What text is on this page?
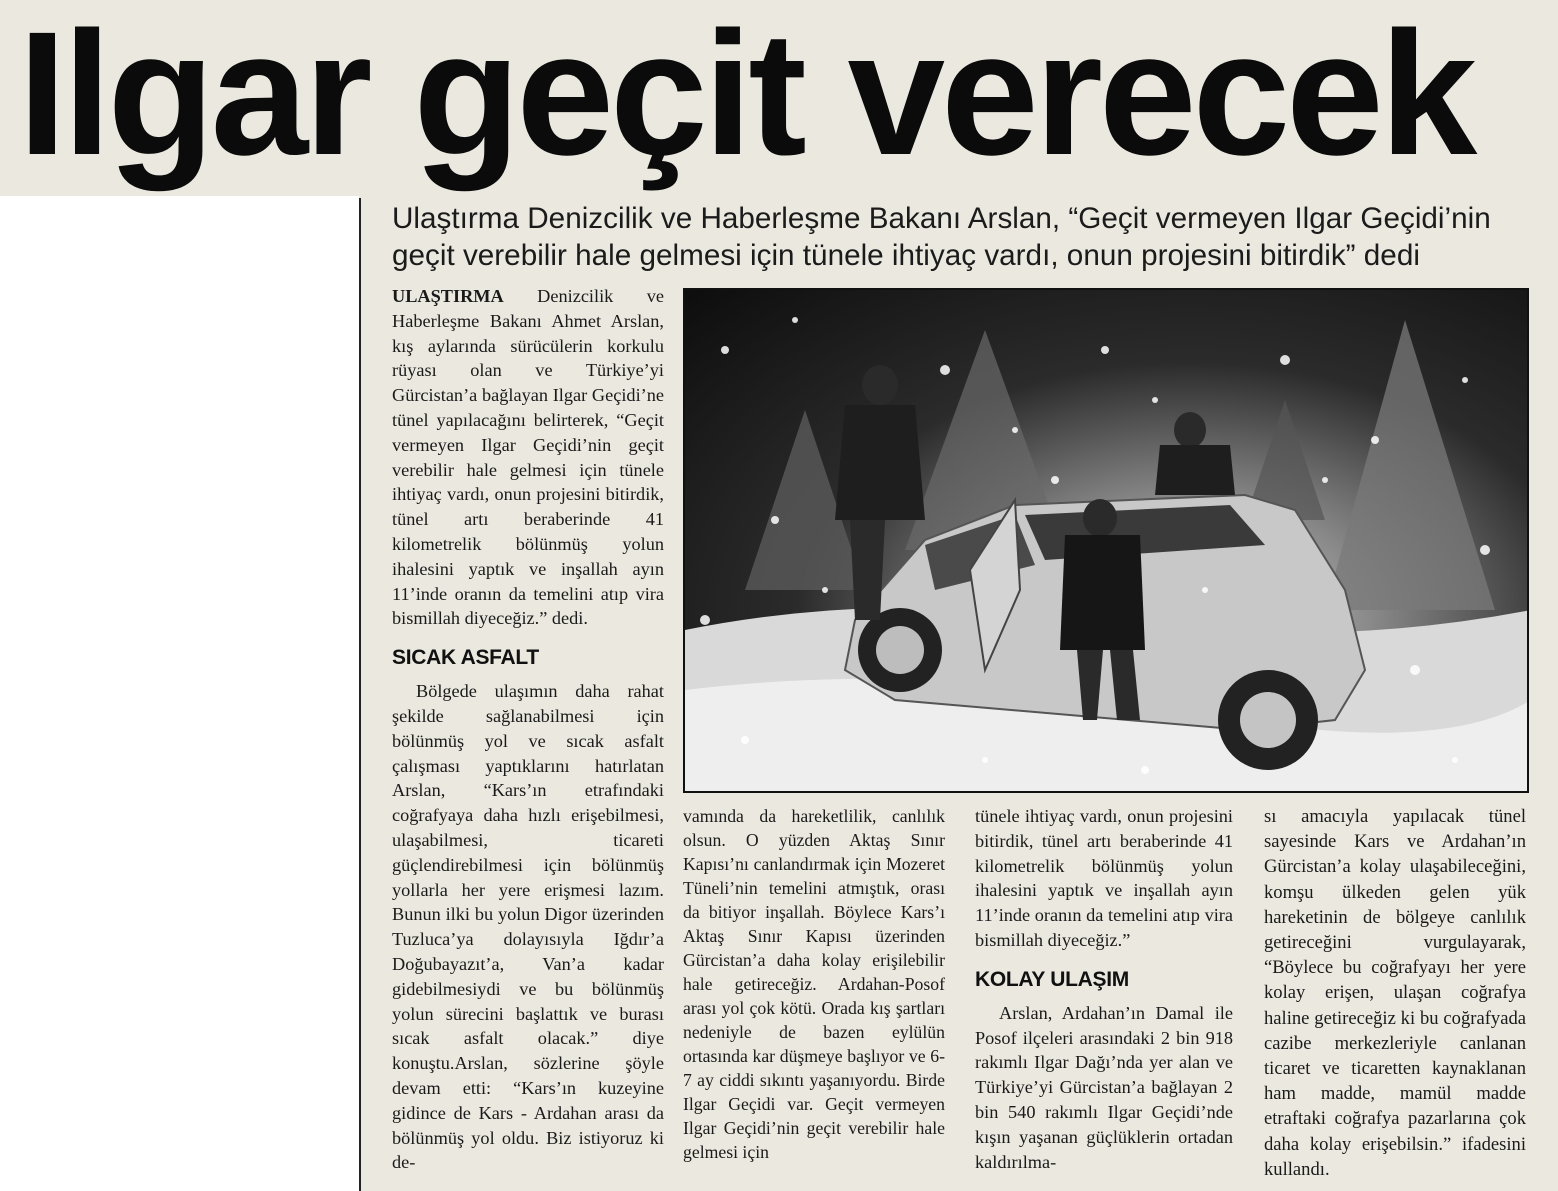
Ilgar geçit verecek
Ulaştırma Denizcilik ve Haberleşme Bakanı Arslan, “Geçit vermeyen Ilgar Geçidi’nin
geçit verebilir hale gelmesi için tünele ihtiyaç vardı, onun projesini bitirdik” dedi

ULAŞTIRMA Denizcilik ve Haberleşme Bakanı Ahmet Arslan, kış aylarında sürücülerin korkulu rüyası olan ve Türkiye’yi Gürcistan’a bağlayan Ilgar Geçidi’ne tünel yapılacağını belirterek, “Geçit vermeyen Ilgar Geçidi’nin geçit verebilir hale gelmesi için tünele ihtiyaç vardı, onun projesini bitirdik, tünel artı beraberinde 41 kilometrelik bölünmüş yolun ihalesini yaptık ve inşallah ayın 11’inde oranın da temelini atıp vira bismillah diyeceğiz.” dedi.

SICAK ASFALT

Bölgede ulaşımın daha rahat şekilde sağlanabilmesi için bölünmüş yol ve sıcak asfalt çalışması yaptıklarını hatırlatan Arslan, “Kars’ın etrafındaki coğrafyaya daha hızlı erişebilmesi, ulaşabilmesi, ticareti güçlendirebilmesi için bölünmüş yollarla her yere erişmesi lazım. Bunun ilki bu yolun Digor üzerinden Tuzluca’ya dolayısıyla Iğdır’a Doğubayazıt’a, Van’a kadar gidebilmesiydi ve bu bölünmüş yolun sürecini başlattık ve burası sıcak asfalt olacak.” diye konuştu.Arslan, sözlerine şöyle devam etti: “Kars’ın kuzeyine gidince de Kars - Ardahan arası da bölünmüş yol oldu. Biz istiyoruz ki de-

vamında da hareketlilik, canlılık olsun. O yüzden Aktaş Sınır Kapısı’nı canlandırmak için Mozeret Tüneli’nin temelini atmıştık, orası da bitiyor inşallah. Böylece Kars’ı Aktaş Sınır Kapısı üzerinden Gürcistan’a daha kolay erişilebilir hale getireceğiz. Ardahan-Posof arası yol çok kötü. Orada kış şartları nedeniyle de bazen eylülün ortasında kar düşmeye başlıyor ve 6-7 ay ciddi sıkıntı yaşanıyordu. Birde Ilgar Geçidi var. Geçit vermeyen Ilgar Geçidi’nin geçit verebilir hale gelmesi için

tünele ihtiyaç vardı, onun projesini bitirdik, tünel artı beraberinde 41 kilometrelik bölünmüş yolun ihalesini yaptık ve inşallah ayın 11’inde oranın da temelini atıp vira bismillah diyeceğiz.”

KOLAY ULAŞIM

Arslan, Ardahan’ın Damal ile Posof ilçeleri arasındaki 2 bin 918 rakımlı Ilgar Dağı’nda yer alan ve Türkiye’yi Gürcistan’a bağlayan 2 bin 540 rakımlı Ilgar Geçidi’nde kışın yaşanan güçlüklerin ortadan kaldırılma-

sı amacıyla yapılacak tünel sayesinde Kars ve Ardahan’ın Gürcistan’a kolay ulaşabileceğini, komşu ülkeden gelen yük hareketinin de bölgeye canlılık getireceğini vurgulayarak, “Böylece bu coğrafyayı her yere kolay erişen, ulaşan coğrafya haline getireceğiz ki bu coğrafyada cazibe merkezleriyle canlanan ticaret ve ticaretten kaynaklanan ham madde, mamül madde etraftaki coğrafya pazarlarına çok daha kolay erişebilsin.” ifadesini kullandı.
